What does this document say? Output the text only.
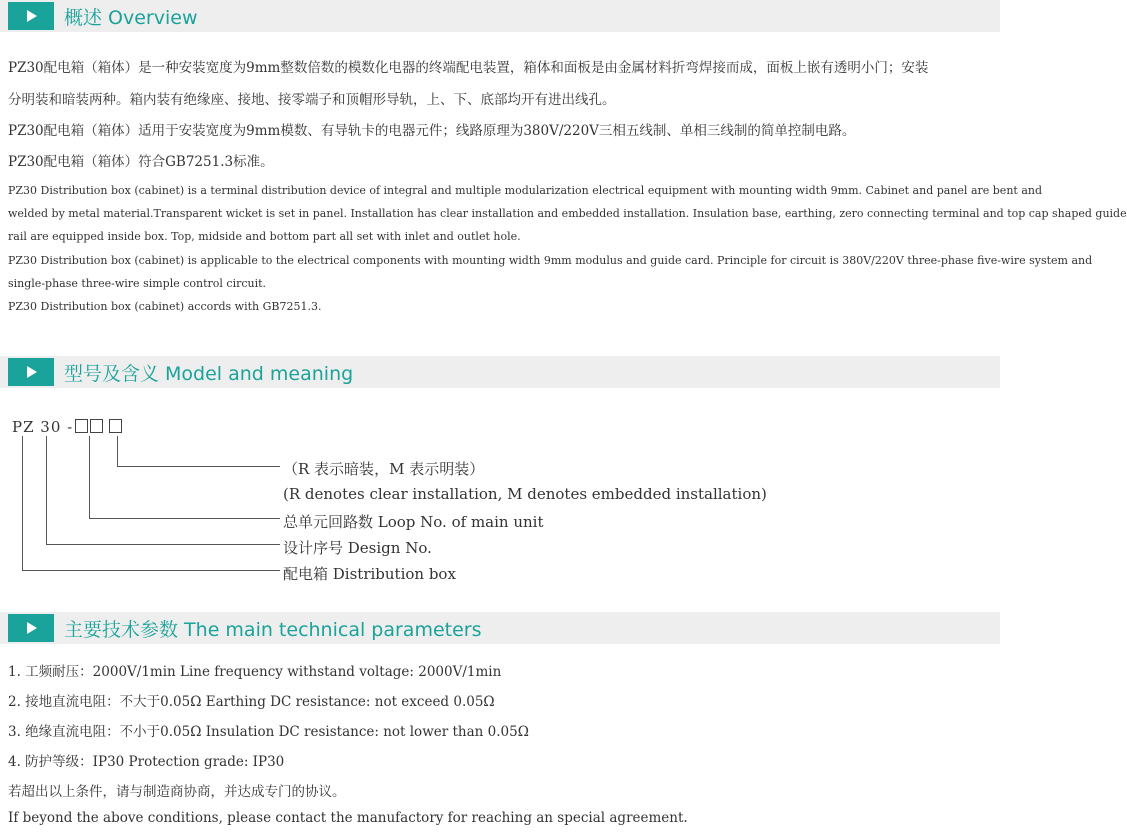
概述 Overview
PZ30配电箱（箱体）是一种安装宽度为9mm整数倍数的模数化电器的终端配电装置，箱体和面板是由金属材料折弯焊接而成，面板上嵌有透明小门；安装
分明装和暗装两种。箱内装有绝缘座、接地、接零端子和顶帽形导轨，上、下、底部均开有进出线孔。
PZ30配电箱（箱体）适用于安装宽度为9mm模数、有导轨卡的电器元件；线路原理为380V/220V三相五线制、单相三线制的简单控制电路。
PZ30配电箱（箱体）符合GB7251.3标准。
PZ30 Distribution box (cabinet) is a terminal distribution device of integral and multiple modularization electrical equipment with mounting width 9mm. Cabinet and panel are bent and
welded by metal material.Transparent wicket is set in panel. Installation has clear installation and embedded installation. Insulation base, earthing, zero connecting terminal and top cap shaped guide
rail are equipped inside box. Top, midside and bottom part all set with inlet and outlet hole.
PZ30 Distribution box (cabinet) is applicable to the electrical components with mounting width 9mm modulus and guide card. Principle for circuit is 380V/220V three-phase five-wire system and
single-phase three-wire simple control circuit.
PZ30 Distribution box (cabinet) accords with GB7251.3.
型号及含义 Model and meaning
PZ 30 -
（R 表示暗装，M 表示明装）
(R denotes clear installation, M denotes embedded installation)
总单元回路数 Loop No. of main unit
设计序号 Design No.
配电箱 Distribution box
主要技术参数 The main technical parameters
1. 工频耐压：2000V/1min Line frequency withstand voltage: 2000V/1min
2. 接地直流电阻：不大于0.05Ω Earthing DC resistance: not exceed 0.05Ω
3. 绝缘直流电阻：不小于0.05Ω Insulation DC resistance: not lower than 0.05Ω
4. 防护等级：IP30 Protection grade: IP30
若超出以上条件，请与制造商协商，并达成专门的协议。
If beyond the above conditions, please contact the manufactory for reaching an special agreement.
